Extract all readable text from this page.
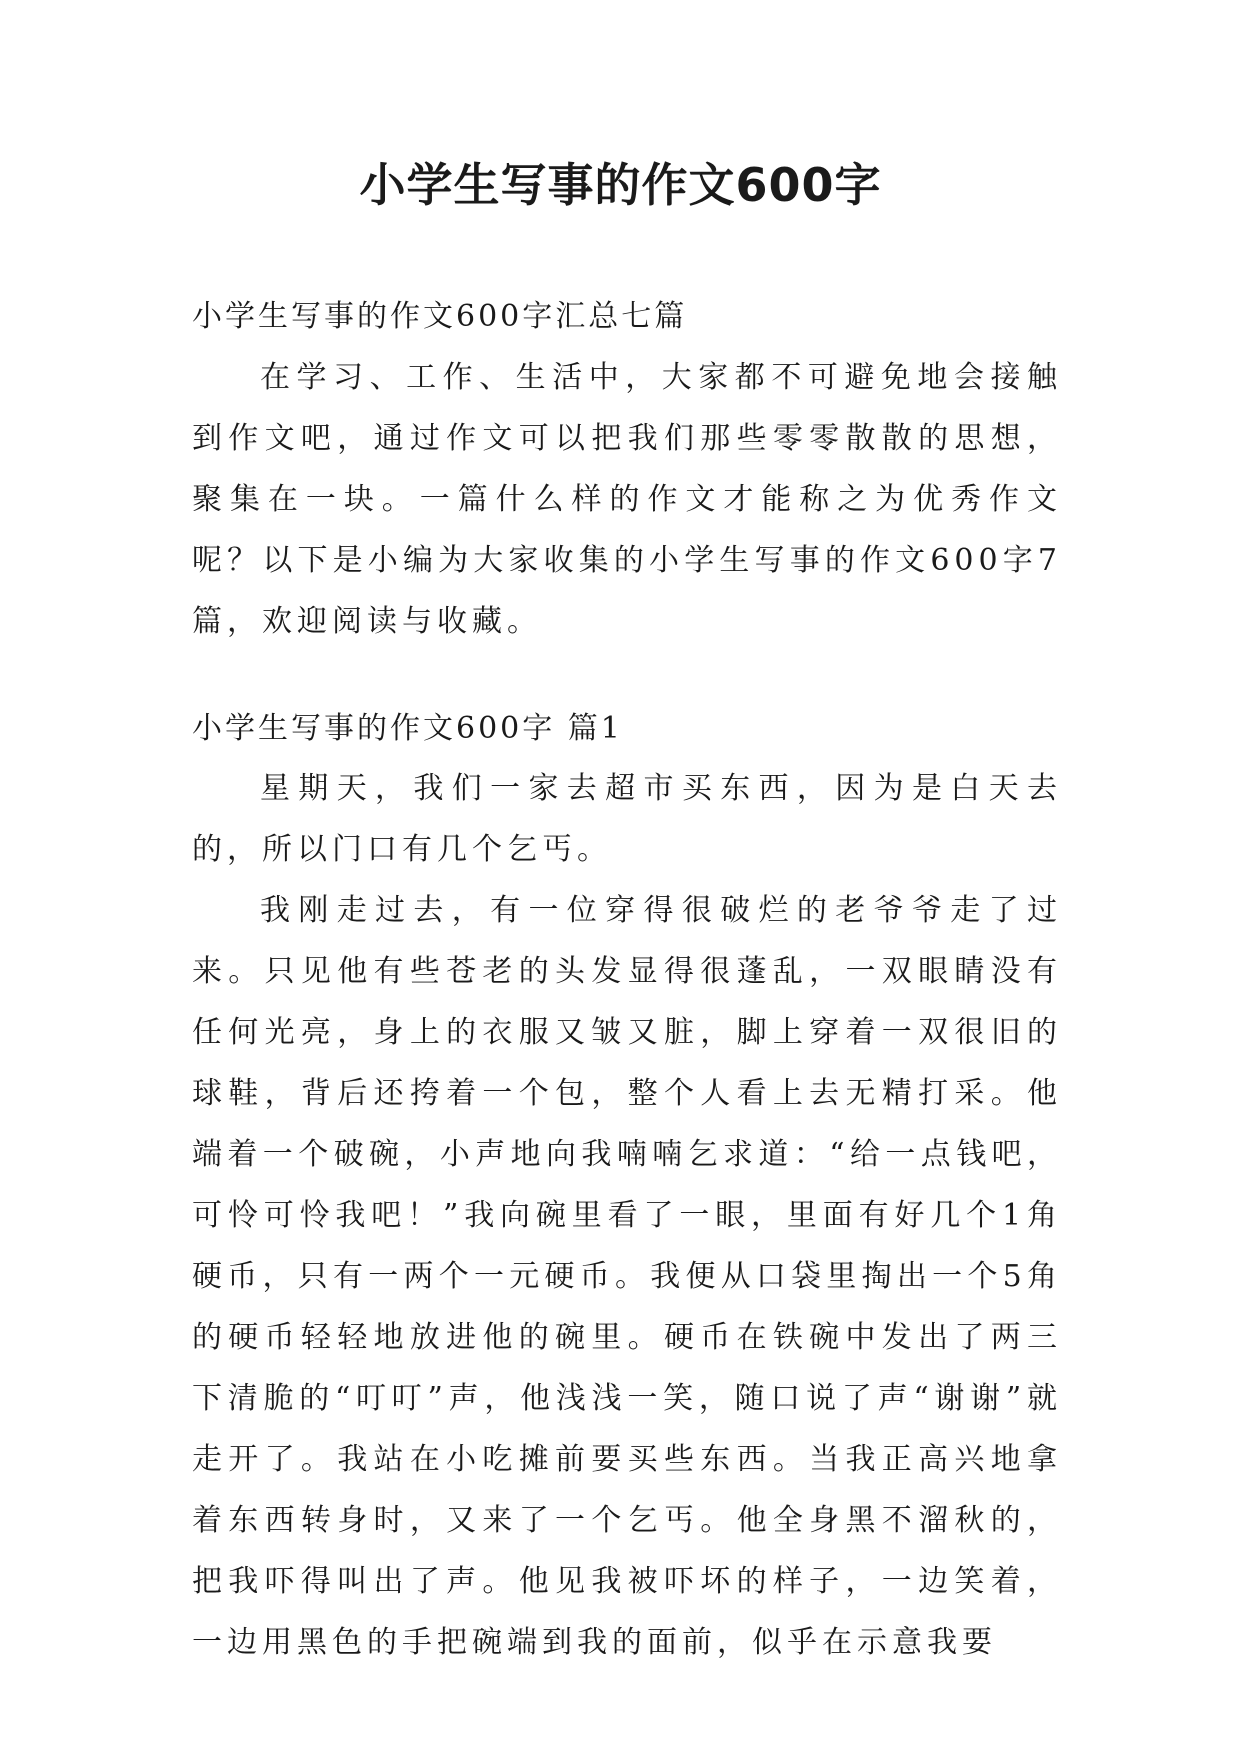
小学生写事的作文600字

小学生写事的作文600字汇总七篇

在学习、工作、生活中，大家都不可避免地会接触到作文吧，通过作文可以把我们那些零零散散的思想，聚集在一块。一篇什么样的作文才能称之为优秀作文呢？以下是小编为大家收集的小学生写事的作文600字7篇，欢迎阅读与收藏。

小学生写事的作文600字 篇1

星期天，我们一家去超市买东西，因为是白天去的，所以门口有几个乞丐。

我刚走过去，有一位穿得很破烂的老爷爷走了过来。只见他有些苍老的头发显得很蓬乱，一双眼睛没有任何光亮，身上的衣服又皱又脏，脚上穿着一双很旧的球鞋，背后还挎着一个包，整个人看上去无精打采。他端着一个破碗，小声地向我喃喃乞求道：“给一点钱吧，可怜可怜我吧！”我向碗里看了一眼，里面有好几个1角硬币，只有一两个一元硬币。我便从口袋里掏出一个5角的硬币轻轻地放进他的碗里。硬币在铁碗中发出了两三下清脆的“叮叮”声，他浅浅一笑，随口说了声“谢谢”就走开了。我站在小吃摊前要买些东西。当我正高兴地拿着东西转身时，又来了一个乞丐。他全身黑不溜秋的，把我吓得叫出了声。他见我被吓坏的样子，一边笑着，一边用黑色的手把碗端到我的面前，似乎在示意我要
